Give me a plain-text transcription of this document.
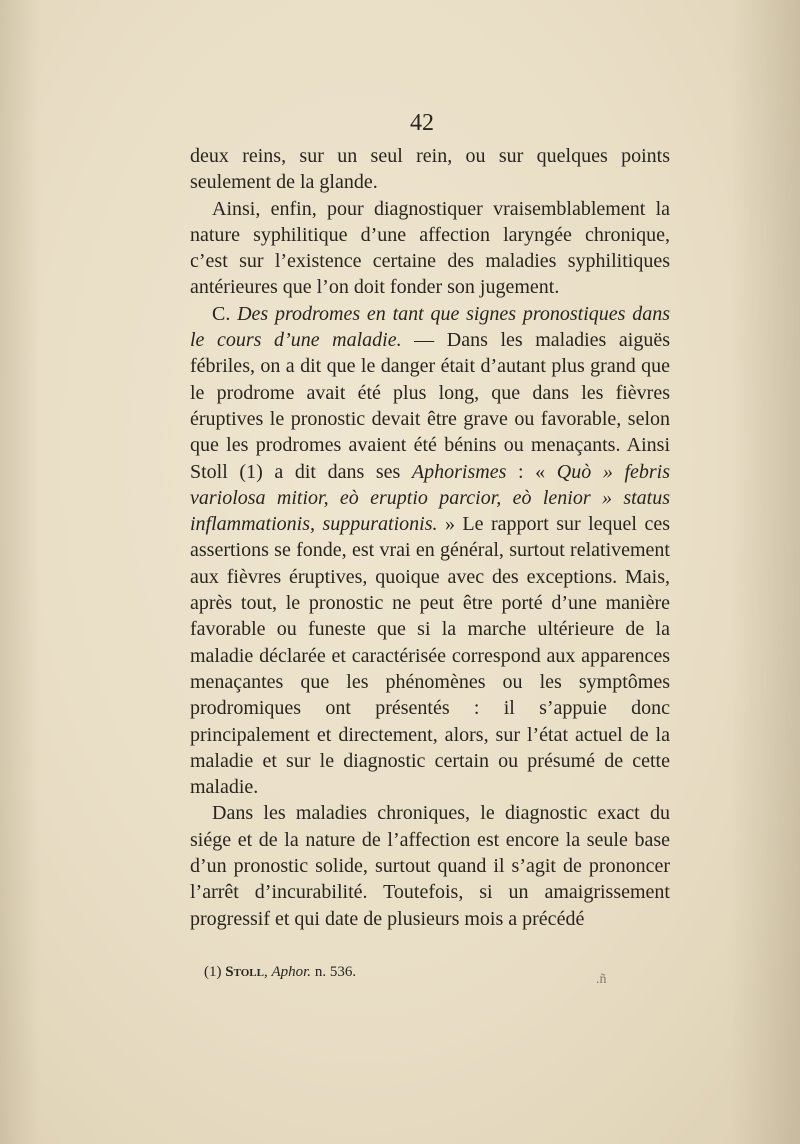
42

deux reins, sur un seul rein, ou sur quelques points seulement de la glande.

Ainsi, enfin, pour diagnostiquer vraisemblablement la nature syphilitique d’une affection laryngée chronique, c’est sur l’existence certaine des maladies syphilitiques antérieures que l’on doit fonder son jugement.

C. Des prodromes en tant que signes pronostiques dans le cours d’une maladie. — Dans les maladies aiguës fébriles, on a dit que le danger était d’autant plus grand que le prodrome avait été plus long, que dans les fièvres éruptives le pronostic devait être grave ou favorable, selon que les prodromes avaient été bénins ou menaçants. Ainsi Stoll (1) a dit dans ses Aphorismes : « Quò » febris variolosa mitior, eò eruptio parcior, eò lenior » status inflammationis, suppurationis. » Le rapport sur lequel ces assertions se fonde, est vrai en général, surtout relativement aux fièvres éruptives, quoique avec des exceptions. Mais, après tout, le pronostic ne peut être porté d’une manière favorable ou funeste que si la marche ultérieure de la maladie déclarée et caractérisée correspond aux apparences menaçantes que les phénomènes ou les symptômes prodromiques ont présentés : il s’appuie donc principalement et directement, alors, sur l’état actuel de la maladie et sur le diagnostic certain ou présumé de cette maladie.

Dans les maladies chroniques, le diagnostic exact du siége et de la nature de l’affection est encore la seule base d’un pronostic solide, surtout quand il s’agit de prononcer l’arrêt d’incurabilité. Toutefois, si un amaigrissement progressif et qui date de plusieurs mois a précédé

(1) Stoll, Aphor. n. 536.	.ñ
